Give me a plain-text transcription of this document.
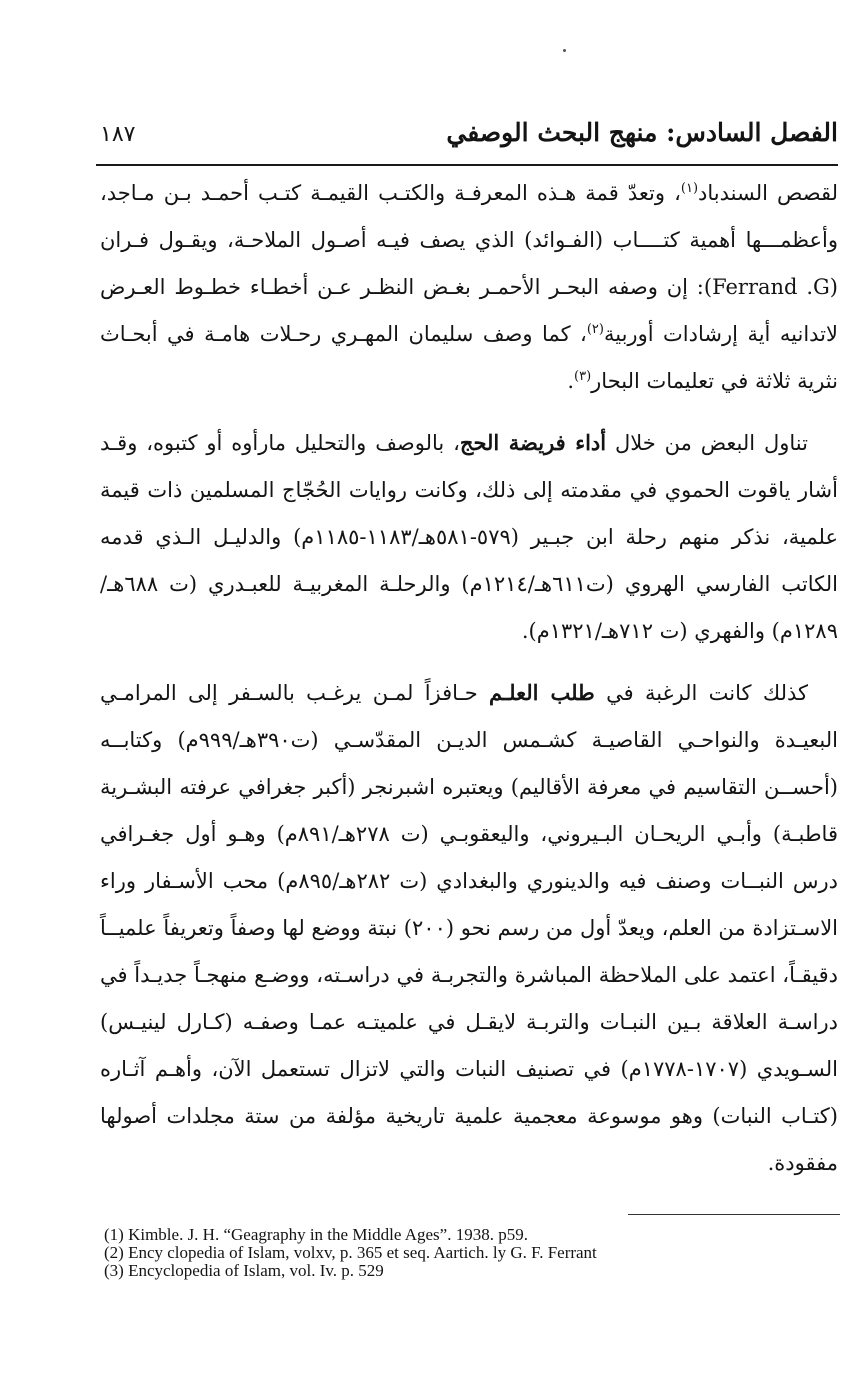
١٨٧	الفصل السادس: منهج البحث الوصفي

لقصص السندباد$^{(١)}$، وتعدّ قمة هـذه المعرفـة والكتـب القيمـة كتـب أحمـد بـن مـاجد، وأعظمـــها أهمية كتــــاب (الفـوائد) الذي يصف فيـه أصـول الملاحـة، ويقـول فـران (Ferrand .G): إن وصفه البحـر الأحمـر بغـض النظـر عـن أخطـاء خطـوط العـرض لاتدانيه أية إرشادات أوربية$^{(٢)}$، كما وصف سليمان المهـري رحـلات هامـة في أبحـاث نثرية ثلاثة في تعليمات البحار$^{(٣)}$.

تناول البعض من خلال أداء فريضة الحج، بالوصف والتحليل مارأوه أو كتبوه، وقـد أشار ياقوت الحموي في مقدمته إلى ذلك، وكانت روايات الحُجّاج المسلمين ذات قيمة علمية، نذكر منهم رحلة ابن جبـير (٥٧٩-٥٨١هـ/١١٨٣-١١٨٥م) والدليـل الـذي قدمه الكاتب الفارسي الهروي (ت٦١١هـ/١٢١٤م) والرحلـة المغربيـة للعبـدري (ت ٦٨٨هـ/١٢٨٩م) والفهري (ت ٧١٢هـ/١٣٢١م).

كذلك كانت الرغبة في طلب العلـم حـافزاً لمـن يرغـب بالسـفر إلى المرامـي البعيـدة والنواحـي القاصيـة كشـمس الديـن المقدّسـي (ت٣٩٠هـ/٩٩٩م) وكتابــه (أحســن التقاسيم في معرفة الأقاليم) ويعتبره اشبرنجر (أكبر جغرافي عرفته البشـرية قاطبـة) وأبـي الريحـان البـيروني، واليعقوبـي (ت ٢٧٨هـ/٨٩١م) وهـو أول جغـرافي درس النبــات وصنف فيه والدينوري والبغدادي (ت ٢٨٢هـ/٨٩٥م) محب الأسـفار وراء الاسـتزادة من العلم، ويعدّ أول من رسم نحو (٢٠٠) نبتة ووضع لها وصفاً وتعريفاً علميــاً دقيقـاً، اعتمد على الملاحظة المباشرة والتجربـة في دراسـته، ووضـع منهجـاً جديـداً في دراسـة العلاقة بـين النبـات والتربـة لايقـل في علميتـه عمـا وصفـه (كـارل لينيـس) السـويدي (١٧٠٧-١٧٧٨م) في تصنيف النبات والتي لاتزال تستعمل الآن، وأهـم آثـاره (كتـاب النبات) وهو موسوعة معجمية علمية تاريخية مؤلفة من ستة مجلدات أصولها مفقودة.

(1) Kimble. J. H. “Geagraphy in the Middle Ages”. 1938. p59.
(2) Ency clopedia of Islam, volxv, p. 365 et seq. Aartich. ly G. F. Ferrant
(3) Encyclopedia of Islam, vol. Iv. p. 529
